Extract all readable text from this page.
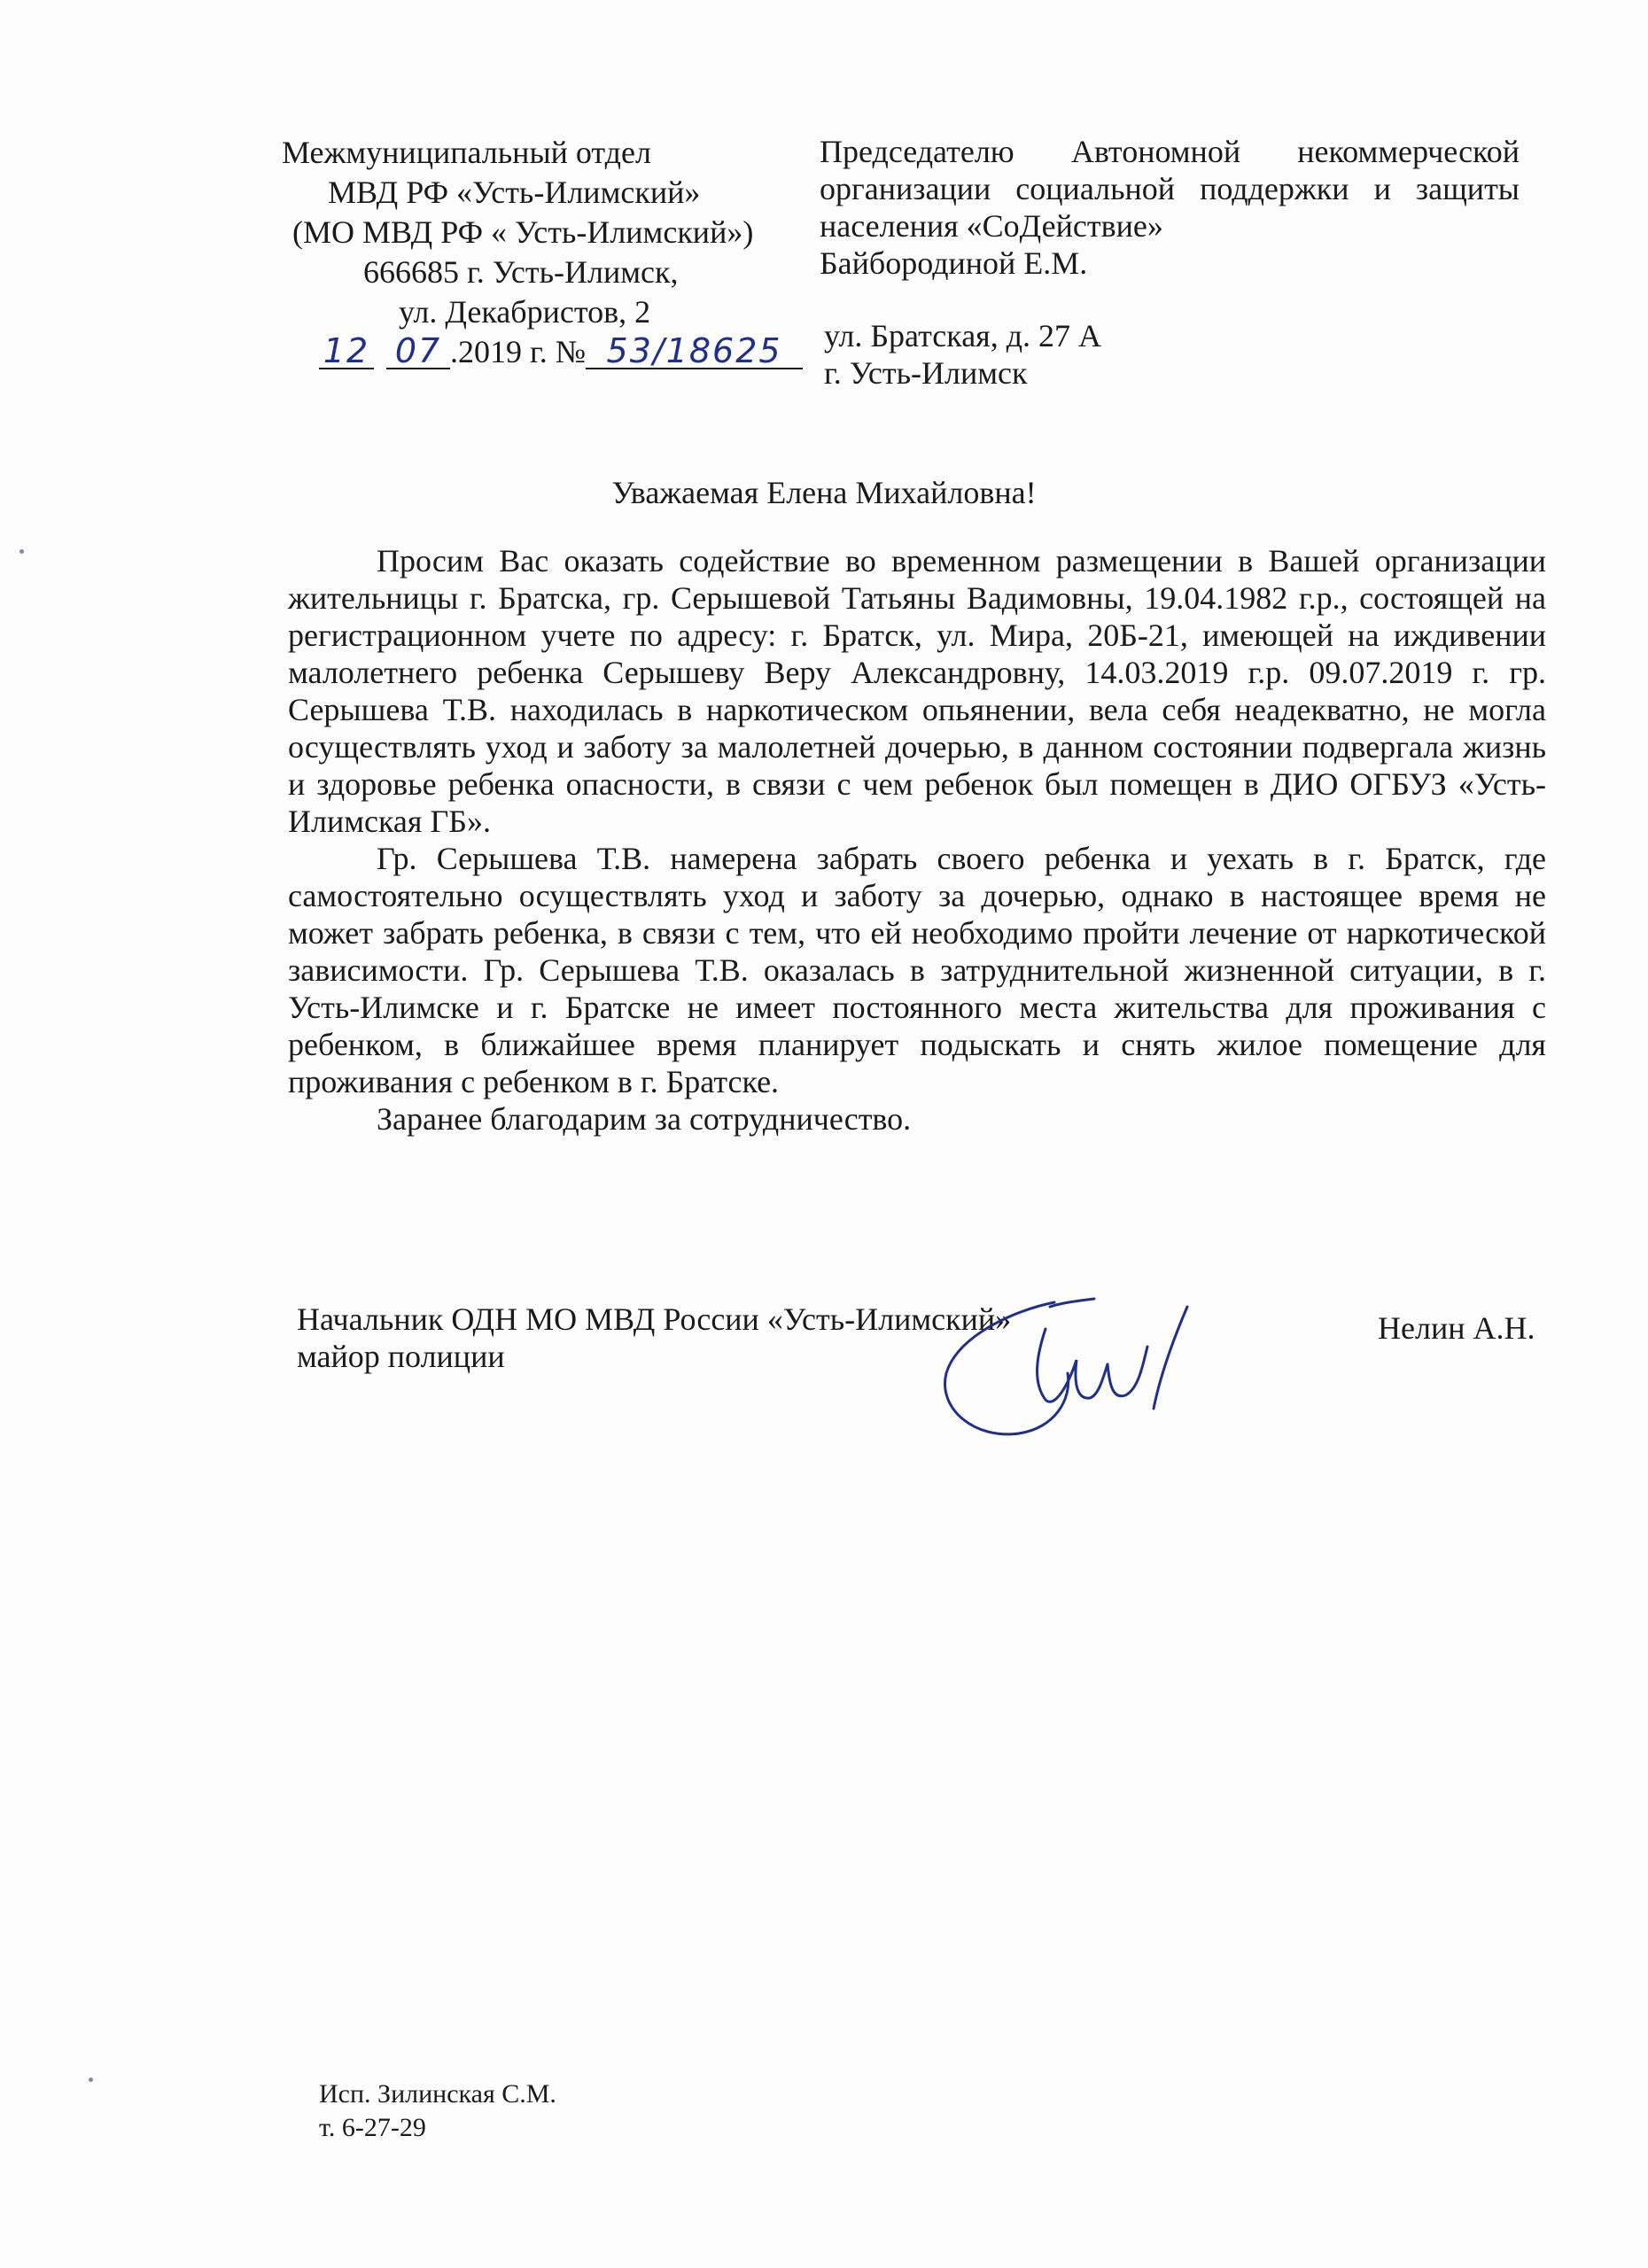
Межмуниципальный отдел
МВД РФ «Усть-Илимский»
(МО МВД РФ « Усть-Илимский»)
666685 г. Усть-Илимск,
ул. Декабристов, 2
12 07 .2019 г. № 53/18625
Председателю Автономной некоммерческой
организации социальной поддержки и защиты
населения «СоДействие»
Байбородиной Е.М.
ул. Братская, д. 27 А
г. Усть-Илимск
Уважаемая Елена Михайловна!

Просим Вас оказать содействие во временном размещении в Вашей организации жительницы г. Братска, гр. Серышевой Татьяны Вадимовны, 19.04.1982 г.р., состоящей на регистрационном учете по адресу: г. Братск, ул. Мира, 20Б-21, имеющей на иждивении малолетнего ребенка Серышеву Веру Александровну, 14.03.2019 г.р. 09.07.2019 г. гр. Серышева Т.В. находилась в наркотическом опьянении, вела себя неадекватно, не могла осуществлять уход и заботу за малолетней дочерью, в данном состоянии подвергала жизнь и здоровье ребенка опасности, в связи с чем ребенок был помещен в ДИО ОГБУЗ «Усть-Илимская ГБ».

Гр. Серышева Т.В. намерена забрать своего ребенка и уехать в г. Братск, где самостоятельно осуществлять уход и заботу за дочерью, однако в настоящее время не может забрать ребенка, в связи с тем, что ей необходимо пройти лечение от наркотической зависимости. Гр. Серышева Т.В. оказалась в затруднительной жизненной ситуации, в г. Усть-Илимске и г. Братске не имеет постоянного места жительства для проживания с ребенком, в ближайшее время планирует подыскать и снять жилое помещение для проживания с ребенком в г. Братске.

Заранее благодарим за сотрудничество.

Начальник ОДН МО МВД России «Усть-Илимский»
майор полиции
Нелин А.Н.
Исп. Зилинская С.М.
т. 6-27-29
